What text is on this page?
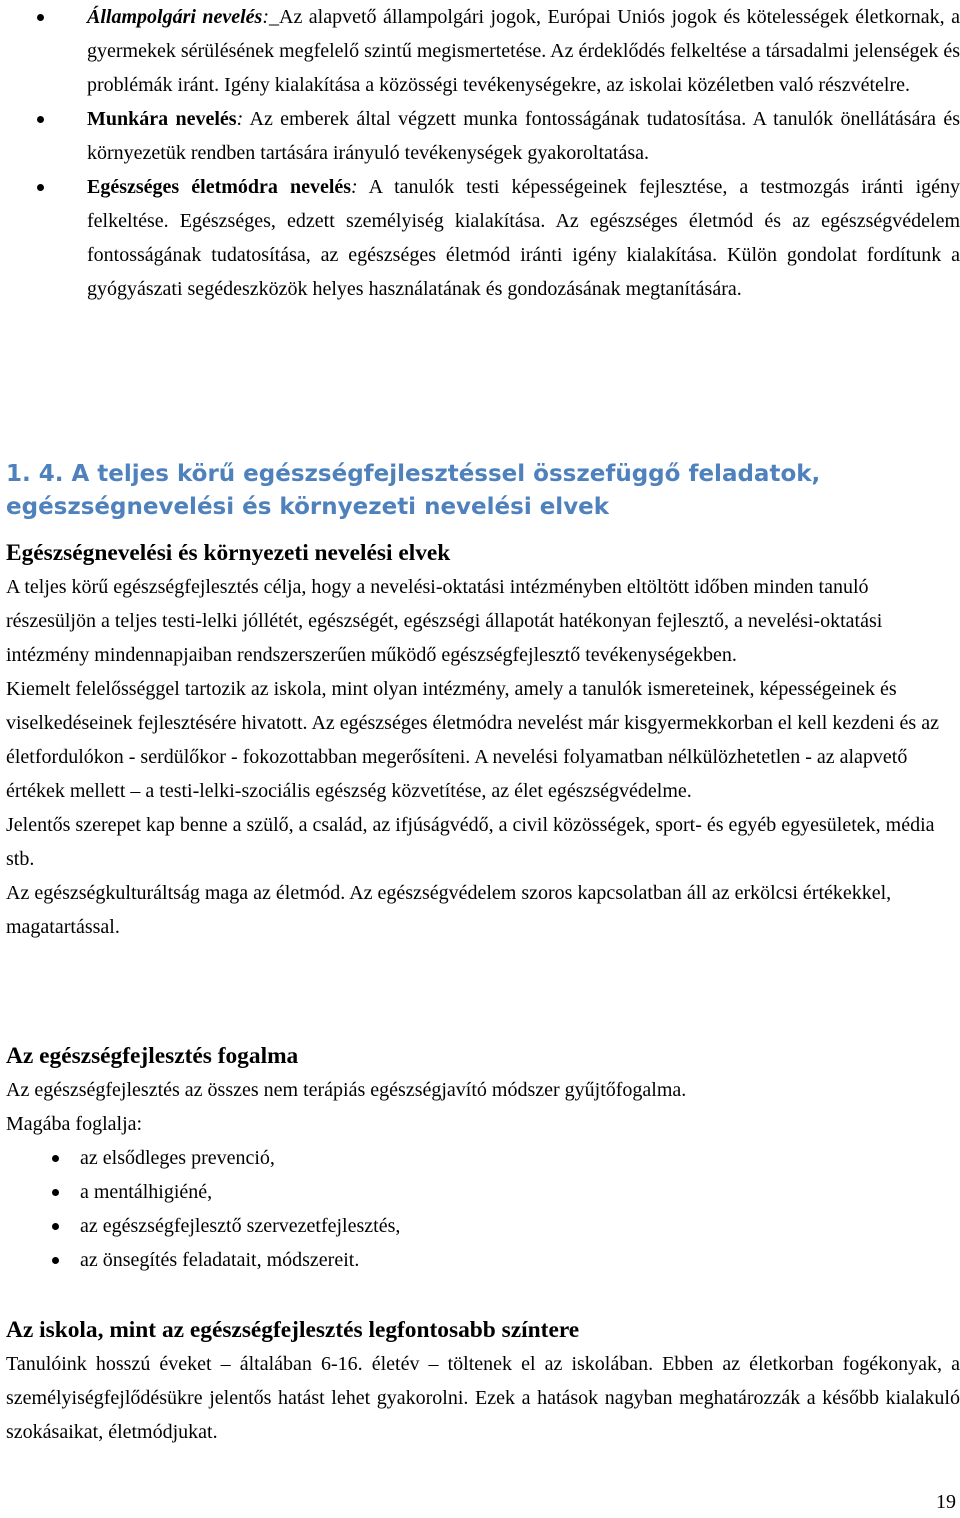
Állampolgári nevelés:_Az alapvető állampolgári jogok, Európai Uniós jogok és kötelességek életkornak, a gyermekek sérülésének megfelelő szintű megismertetése. Az érdeklődés felkeltése a társadalmi jelenségek és problémák iránt. Igény kialakítása a közösségi tevékenységekre, az iskolai közéletben való részvételre.

Munkára nevelés: Az emberek által végzett munka fontosságának tudatosítása. A tanulók önellátására és környezetük rendben tartására irányuló tevékenységek gyakoroltatása.

Egészséges életmódra nevelés: A tanulók testi képességeinek fejlesztése, a testmozgás iránti igény felkeltése. Egészséges, edzett személyiség kialakítása. Az egészséges életmód és az egészségvédelem fontosságának tudatosítása, az egészséges életmód iránti igény kialakítása. Külön gondolat fordítunk a gyógyászati segédeszközök helyes használatának és gondozásának megtanítására.

1. 4. A teljes körű egészségfejlesztéssel összefüggő feladatok, egészségnevelési és környezeti nevelési elvek
Egészségnevelési és környezeti nevelési elvek

A teljes körű egészségfejlesztés célja, hogy a nevelési-oktatási intézményben eltöltött időben minden tanuló részesüljön a teljes testi-lelki jóllétét, egészségét, egészségi állapotát hatékonyan fejlesztő, a nevelési-oktatási intézmény mindennapjaiban rendszerszerűen működő egészségfejlesztő tevékenységekben.

Kiemelt felelősséggel tartozik az iskola, mint olyan intézmény, amely a tanulók ismereteinek, képességeinek és viselkedéseinek fejlesztésére hivatott. Az egészséges életmódra nevelést már kisgyermekkorban el kell kezdeni és az életfordulókon - serdülőkor - fokozottabban megerősíteni. A nevelési folyamatban nélkülözhetetlen - az alapvető értékek mellett – a testi-lelki-szociális egészség közvetítése, az élet egészségvédelme.

Jelentős szerepet kap benne a szülő, a család, az ifjúságvédő, a civil közösségek, sport- és egyéb egyesületek, média stb.

Az egészségkulturáltság maga az életmód. Az egészségvédelem szoros kapcsolatban áll az erkölcsi értékekkel, magatartással.

Az egészségfejlesztés fogalma

Az egészségfejlesztés az összes nem terápiás egészségjavító módszer gyűjtőfogalma.

Magába foglalja:

az elsődleges prevenció,
a mentálhigiéné,
az egészségfejlesztő szervezetfejlesztés,
az önsegítés feladatait, módszereit.
Az iskola, mint az egészségfejlesztés legfontosabb színtere

Tanulóink hosszú éveket – általában 6-16. életév – töltenek el az iskolában. Ebben az életkorban fogékonyak, a személyiségfejlődésükre jelentős hatást lehet gyakorolni. Ezek a hatások nagyban meghatározzák a később kialakuló szokásaikat, életmódjukat.

19
